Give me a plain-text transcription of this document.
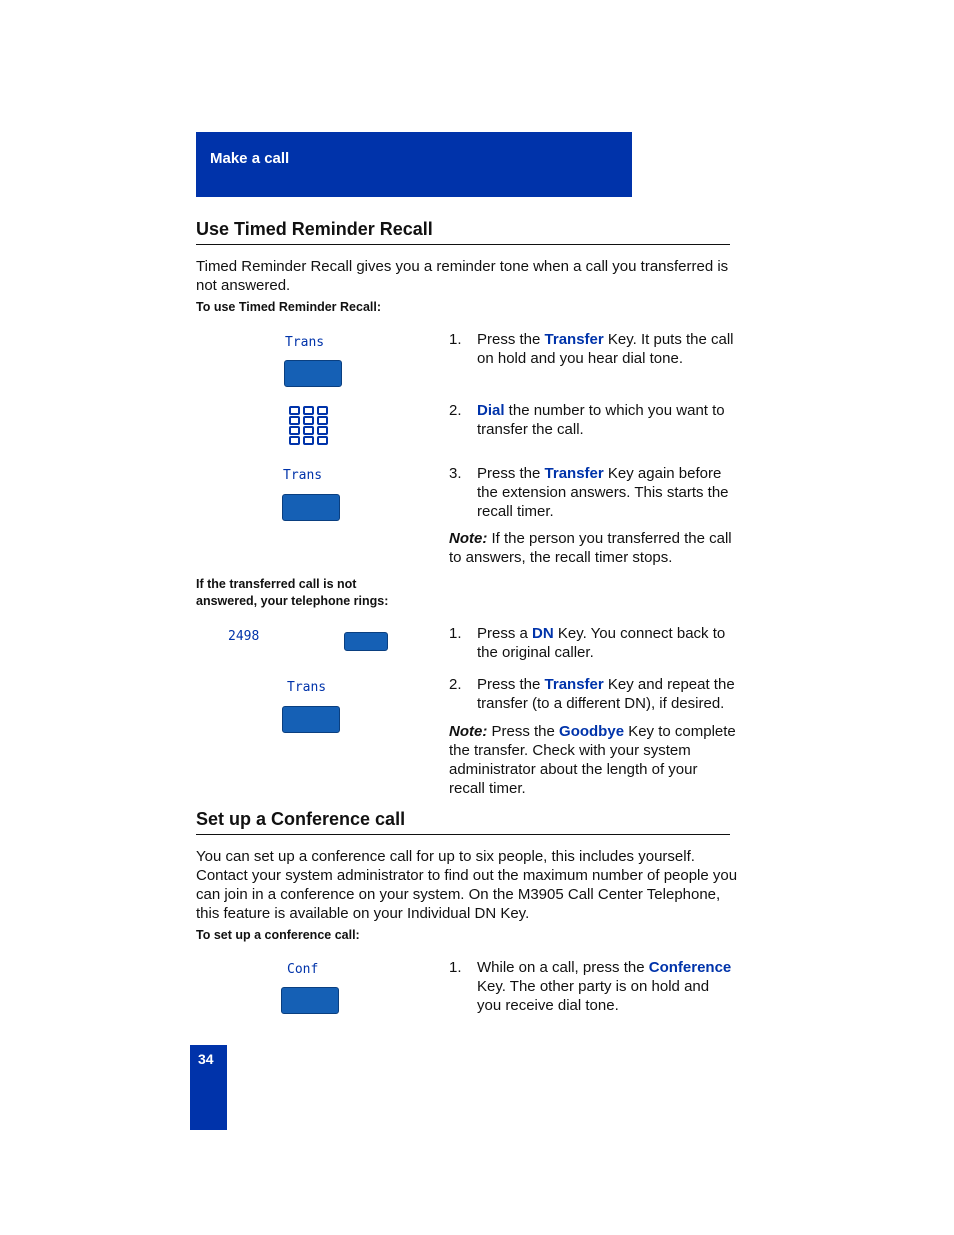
Make a call
Use Timed Reminder Recall
Timed Reminder Recall gives you a reminder tone when a call you transferred is
not answered.
To use Timed Reminder Recall:
Trans
Trans
1. Press the Transfer Key. It puts the call
on hold and you hear dial tone.
2. Dial the number to which you want to
transfer the call.
3. Press the Transfer Key again before
the extension answers. This starts the
recall timer.
Note: If the person you transferred the call
to answers, the recall timer stops.
If the transferred call is not
answered, your telephone rings:
2498
Trans
1. Press a DN Key. You connect back to
the original caller.
2. Press the Transfer Key and repeat the
transfer (to a different DN), if desired.
Note: Press the Goodbye Key to complete
the transfer. Check with your system
administrator about the length of your
recall timer.
Set up a Conference call
You can set up a conference call for up to six people, this includes yourself.
Contact your system administrator to find out the maximum number of people you
can join in a conference on your system. On the M3905 Call Center Telephone,
this feature is available on your Individual DN Key.
To set up a conference call:
Conf	1. While on a call, press the Conference
Key. The other party is on hold and
you receive dial tone.
34
